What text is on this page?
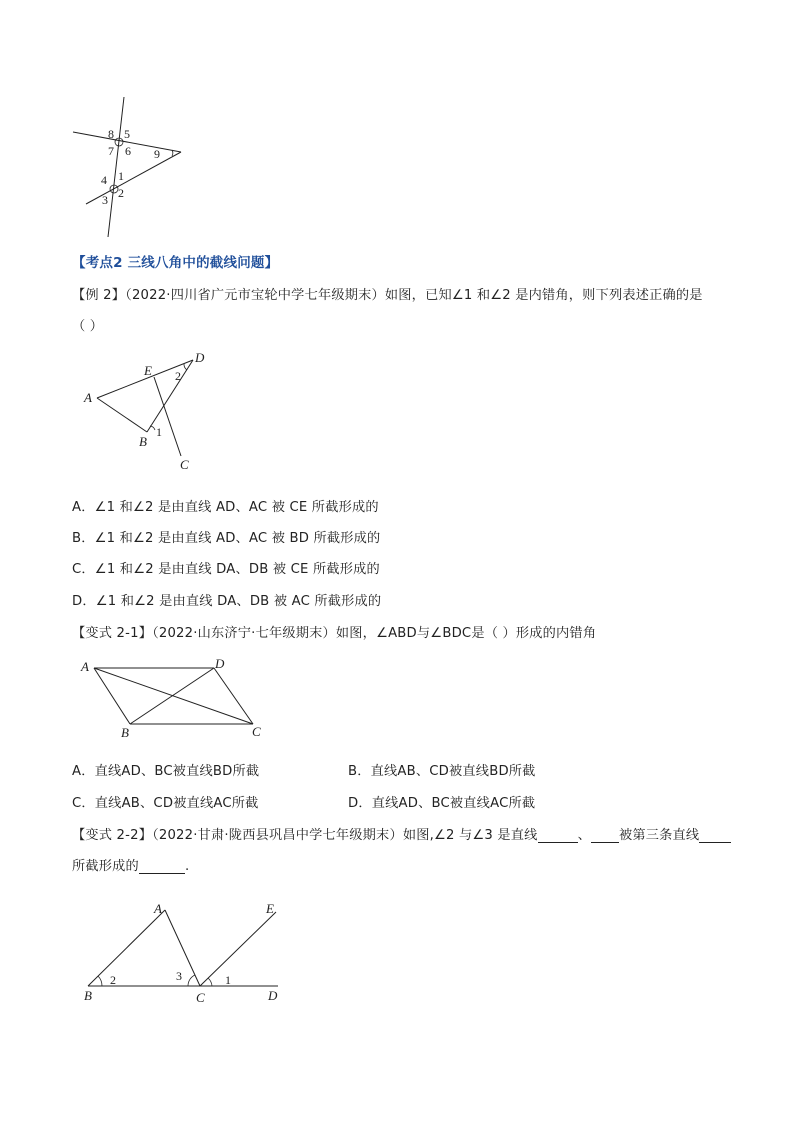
8 5
7 6 9
1
4
2
3
【考点2 三线八角中的截线问题】
【例 2】（2022·四川省广元市宝轮中学七年级期末）如图，已知∠1 和∠2 是内错角，则下列表述正确的是
（ ）
A
E
D
2
1
B
C
A．∠1 和∠2 是由直线 AD、AC 被 CE 所截形成的
B．∠1 和∠2 是由直线 AD、AC 被 BD 所截形成的
C．∠1 和∠2 是由直线 DA、DB 被 CE 所截形成的
D．∠1 和∠2 是由直线 DA、DB 被 AC 所截形成的
【变式 2-1】（2022·山东济宁·七年级期末）如图，∠ABD与∠BDC是（ ）形成的内错角
A	D
B	C
A．直线AD、BC被直线BD所截	B．直线AB、CD被直线BD所截
C．直线AB、CD被直线AC所截	D．直线AD、BC被直线AC所截
【变式 2-2】（2022·甘肃·陇西县巩昌中学七年级期末）如图,∠2 与∠3 是直线	、 被第三条直线
所截形成的	.
A	E
2	3	1
B	C	D
